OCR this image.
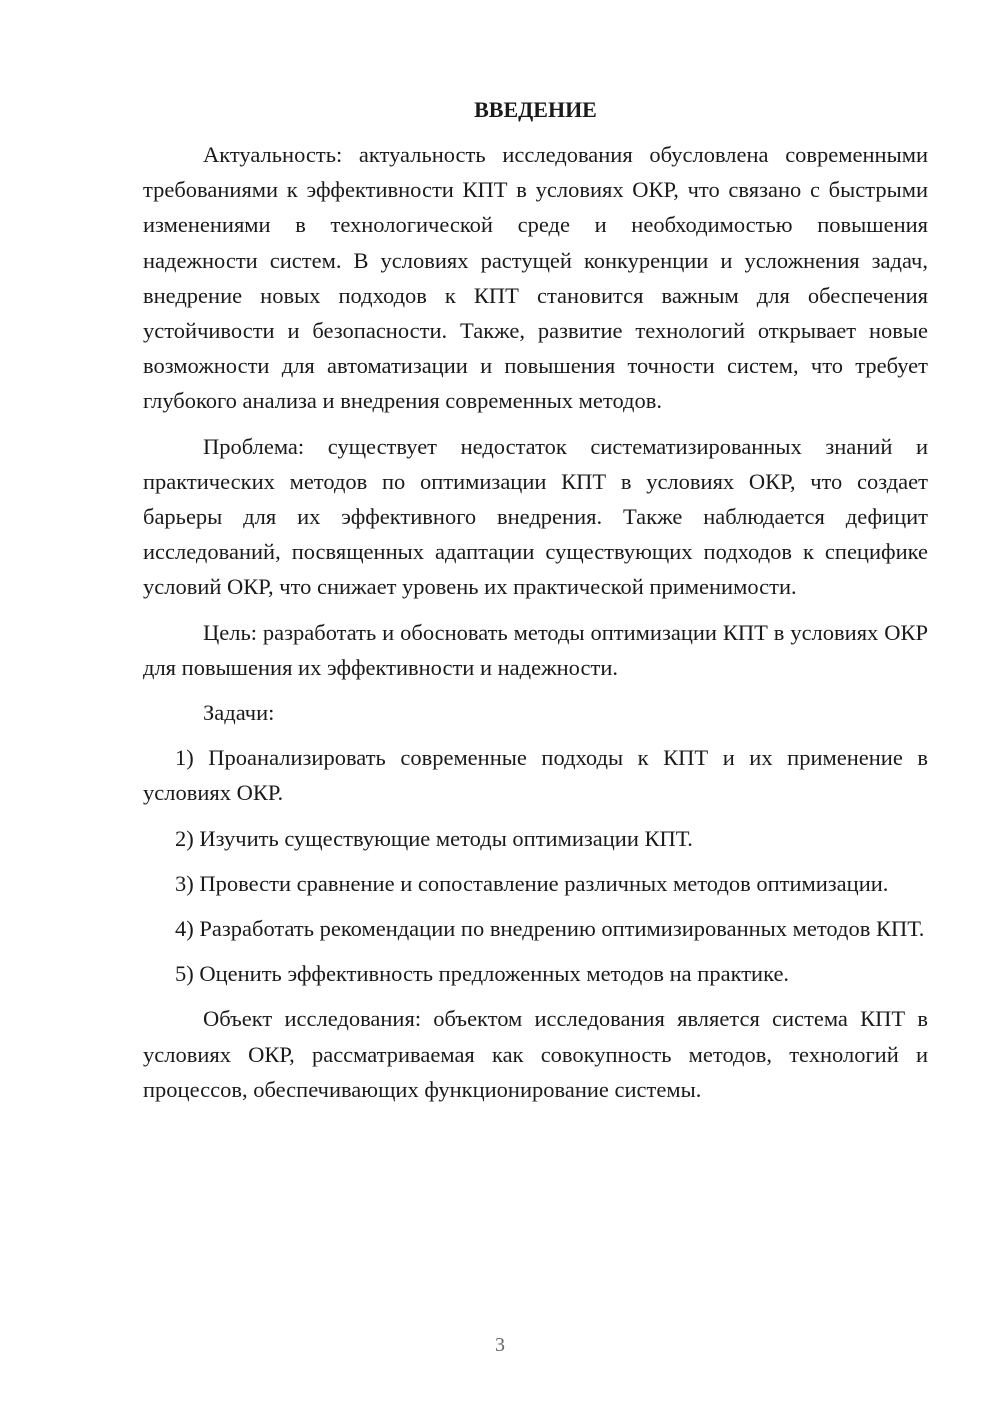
ВВЕДЕНИЕ

Актуальность: актуальность исследования обусловлена современными требованиями к эффективности КПТ в условиях ОКР, что связано с быстрыми изменениями в технологической среде и необходимостью повышения надежности систем. В условиях растущей конкуренции и усложнения задач, внедрение новых подходов к КПТ становится важным для обеспечения устойчивости и безопасности. Также, развитие технологий открывает новые возможности для автоматизации и повышения точности систем, что требует глубокого анализа и внедрения современных методов.

Проблема: существует недостаток систематизированных знаний и практических методов по оптимизации КПТ в условиях ОКР, что создает барьеры для их эффективного внедрения. Также наблюдается дефицит исследований, посвященных адаптации существующих подходов к специфике условий ОКР, что снижает уровень их практической применимости.

Цель: разработать и обосновать методы оптимизации КПТ в условиях ОКР для повышения их эффективности и надежности.

Задачи:

1) Проанализировать современные подходы к КПТ и их применение в условиях ОКР.

2) Изучить существующие методы оптимизации КПТ.

3) Провести сравнение и сопоставление различных методов оптимизации.

4) Разработать рекомендации по внедрению оптимизированных методов КПТ.

5) Оценить эффективность предложенных методов на практике.

Объект исследования: объектом исследования является система КПТ в условиях ОКР, рассматриваемая как совокупность методов, технологий и процессов, обеспечивающих функционирование системы.

3
